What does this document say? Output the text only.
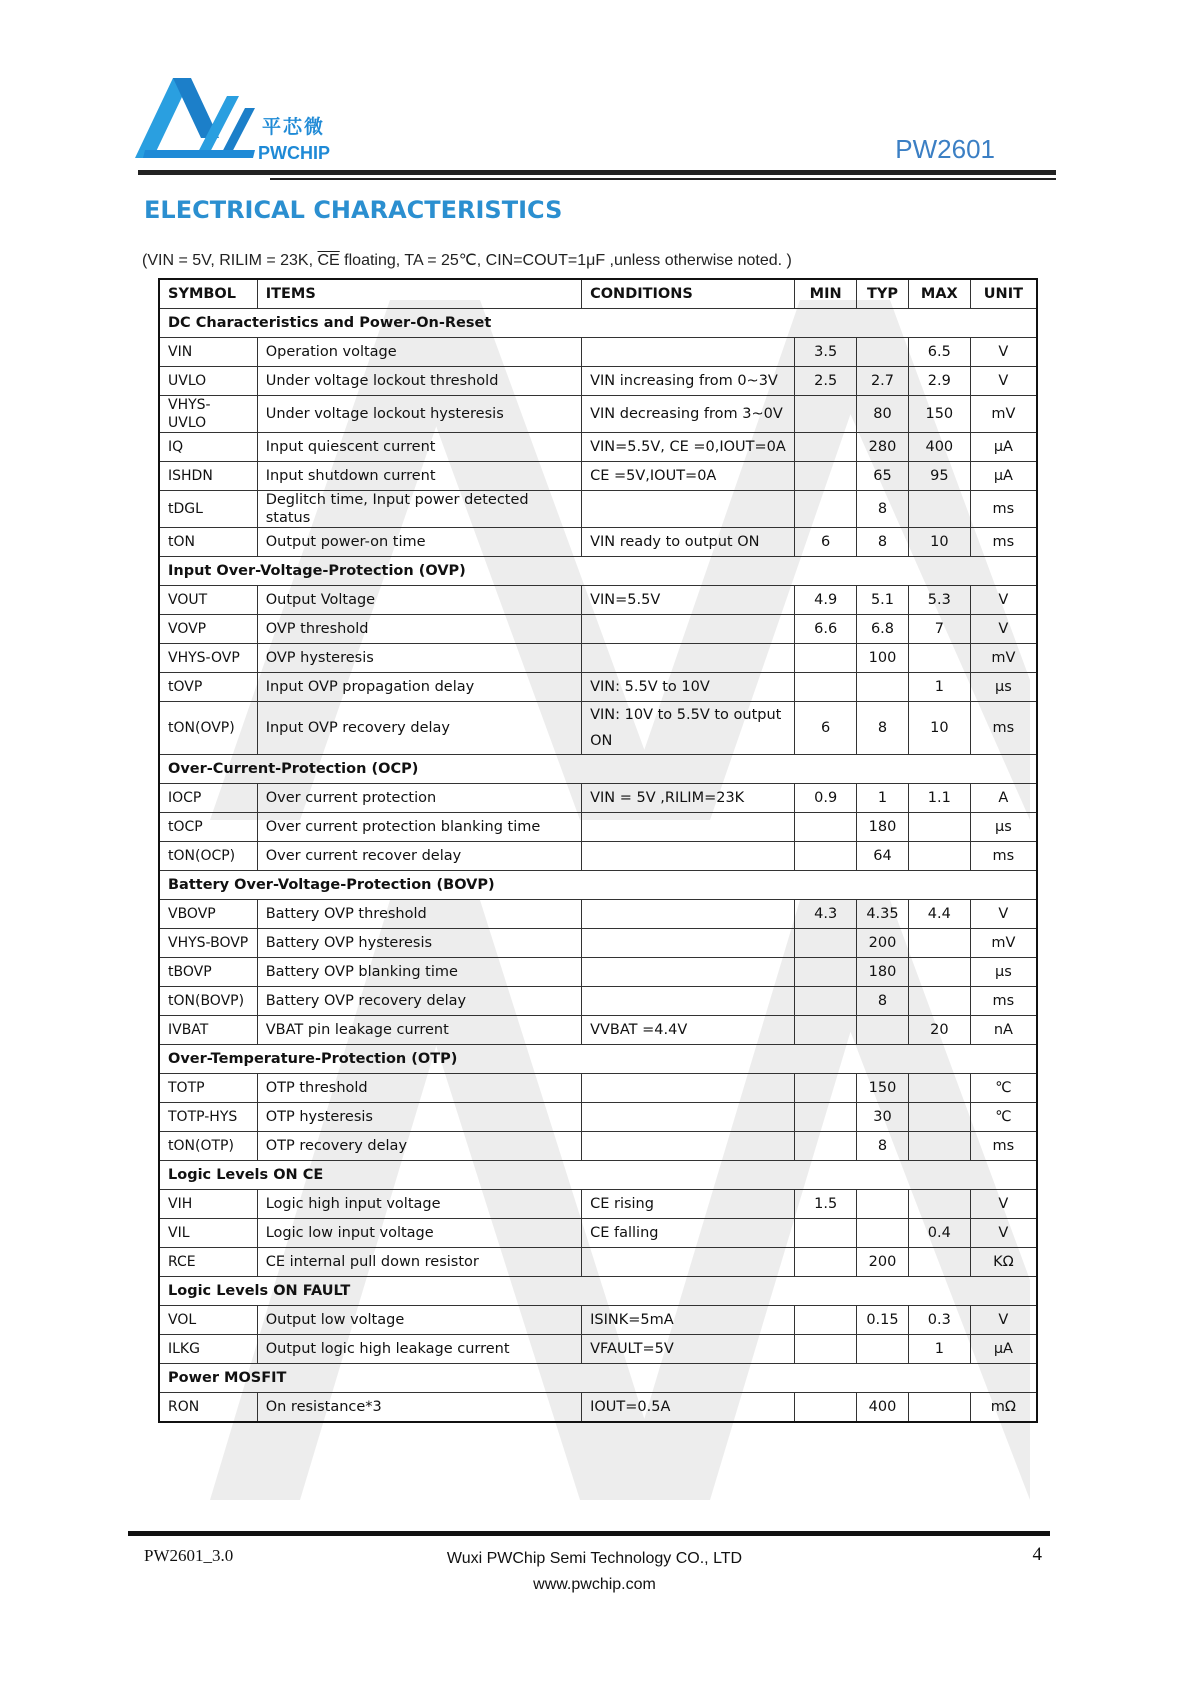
平芯微
PWCHIP	PW2601
ELECTRICAL CHARACTERISTICS
(VIN = 5V, RILIM = 23K, $\overline{CE}$ floating, TA = 25℃, CIN=COUT=1μF ,unless otherwise noted. )
SYMBOL	ITEMS	CONDITIONS	MIN	TYP	MAX	UNIT
DC Characteristics and Power-On-Reset						
VIN	Operation voltage		3.5		6.5	V
UVLO	Under voltage lockout threshold	VIN increasing from 0~3V	2.5	2.7	2.9	V
VHYS-UVLO	Under voltage lockout hysteresis	VIN decreasing from 3~0V		80	150	mV
IQ	Input quiescent current	VIN=5.5V, CE =0,IOUT=0A		280	400	µA
ISHDN	Input shutdown current	CE =5V,IOUT=0A		65	95	µA
tDGL	Deglitch time, Input power detected status			8		ms
tON	Output power-on time	VIN ready to output ON	6	8	10	ms
Input Over-Voltage-Protection (OVP)						
VOUT	Output Voltage	VIN=5.5V	4.9	5.1	5.3	V
VOVP	OVP threshold		6.6	6.8	7	V
VHYS-OVP	OVP hysteresis			100		mV
tOVP	Input OVP propagation delay	VIN: 5.5V to 10V			1	µs
tON(OVP)	Input OVP recovery delay	VIN: 10V to 5.5V to output ON	6	8	10	ms
Over-Current-Protection (OCP)						
IOCP	Over current protection	VIN = 5V ,RILIM=23K	0.9	1	1.1	A
tOCP	Over current protection blanking time			180		µs
tON(OCP)	Over current recover delay			64		ms
Battery Over-Voltage-Protection (BOVP)						
VBOVP	Battery OVP threshold		4.3	4.35	4.4	V
VHYS-BOVP	Battery OVP hysteresis			200		mV
tBOVP	Battery OVP blanking time			180		µs
tON(BOVP)	Battery OVP recovery delay			8		ms
IVBAT	VBAT pin leakage current	VVBAT =4.4V			20	nA
Over-Temperature-Protection (OTP)						
TOTP	OTP threshold			150		℃
TOTP-HYS	OTP hysteresis			30		℃
tON(OTP)	OTP recovery delay			8		ms
Logic Levels ON CE						
VIH	Logic high input voltage	CE rising	1.5			V
VIL	Logic low input voltage	CE falling			0.4	V
RCE	CE internal pull down resistor			200		KΩ
Logic Levels ON FAULT						
VOL	Output low voltage	ISINK=5mA		0.15	0.3	V
ILKG	Output logic high leakage current	VFAULT=5V			1	µA
Power MOSFIT						
RON	On resistance*3	IOUT=0.5A		400		mΩ
PW2601_3.0	Wuxi PWChip Semi Technology CO., LTD
www.pwchip.com
4
